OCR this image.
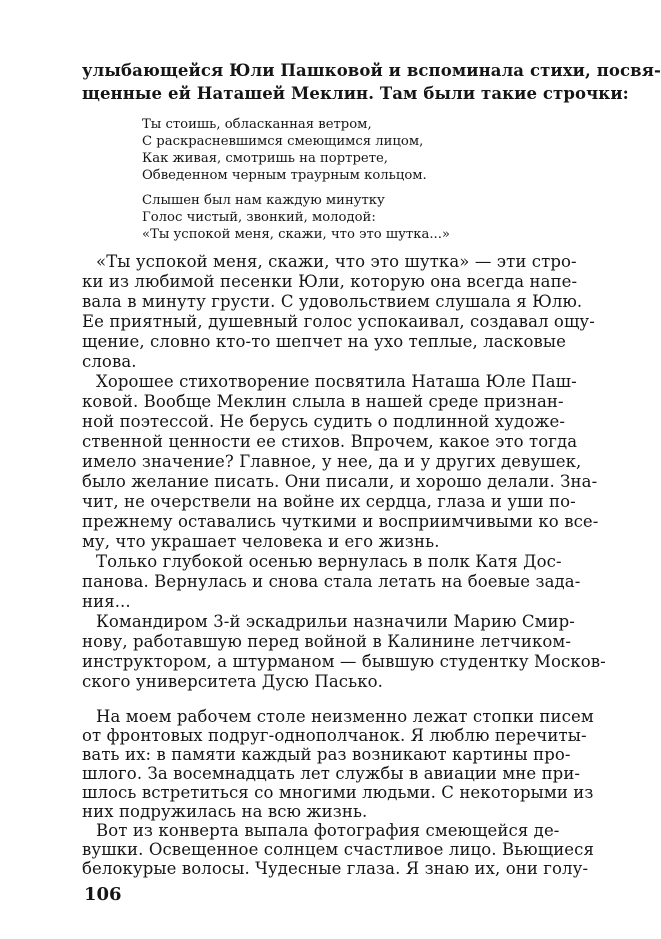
улыбающейся Юли Пашковой и вспоминала стихи, посвя-
щенные ей Наташей Меклин. Там были такие строчки:
Ты стоишь, обласканная ветром,
С раскрасневшимся смеющимся лицом,
Как живая, смотришь на портрете,
Обведенном черным траурным кольцом.
Слышен был нам каждую минутку
Голос чистый, звонкий, молодой:
«Ты успокой меня, скажи, что это шутка...»
«Ты успокой меня, скажи, что это шутка» — эти стро-
ки из любимой песенки Юли, которую она всегда напе-
вала в минуту грусти. С удовольствием слушала я Юлю.
Ее приятный, душевный голос успокаивал, создавал ощу-
щение, словно кто-то шепчет на ухо теплые, ласковые
слова.
Хорошее стихотворение посвятила Наташа Юле Паш-
ковой. Вообще Меклин слыла в нашей среде признан-
ной поэтессой. Не берусь судить о подлинной художе-
ственной ценности ее стихов. Впрочем, какое это тогда
имело значение? Главное, у нее, да и у других девушек,
было желание писать. Они писали, и хорошо делали. Зна-
чит, не очерствели на войне их сердца, глаза и уши по-
прежнему оставались чуткими и восприимчивыми ко все-
му, что украшает человека и его жизнь.
Только глубокой осенью вернулась в полк Катя Дос-
панова. Вернулась и снова стала летать на боевые зада-
ния...
Командиром 3-й эскадрильи назначили Марию Смир-
нову, работавшую перед войной в Калинине летчиком-
инструктором, а штурманом — бывшую студентку Москов-
ского университета Дусю Пасько.
106
На моем рабочем столе неизменно лежат стопки писем
от фронтовых подруг-однополчанок. Я люблю перечиты-
вать их: в памяти каждый раз возникают картины про-
шлого. За восемнадцать лет службы в авиации мне при-
шлось встретиться со многими людьми. С некоторыми из
них подружилась на всю жизнь.
Вот из конверта выпала фотография смеющейся де-
вушки. Освещенное солнцем счастливое лицо. Вьющиеся
белокурые волосы. Чудесные глаза. Я знаю их, они голу-
